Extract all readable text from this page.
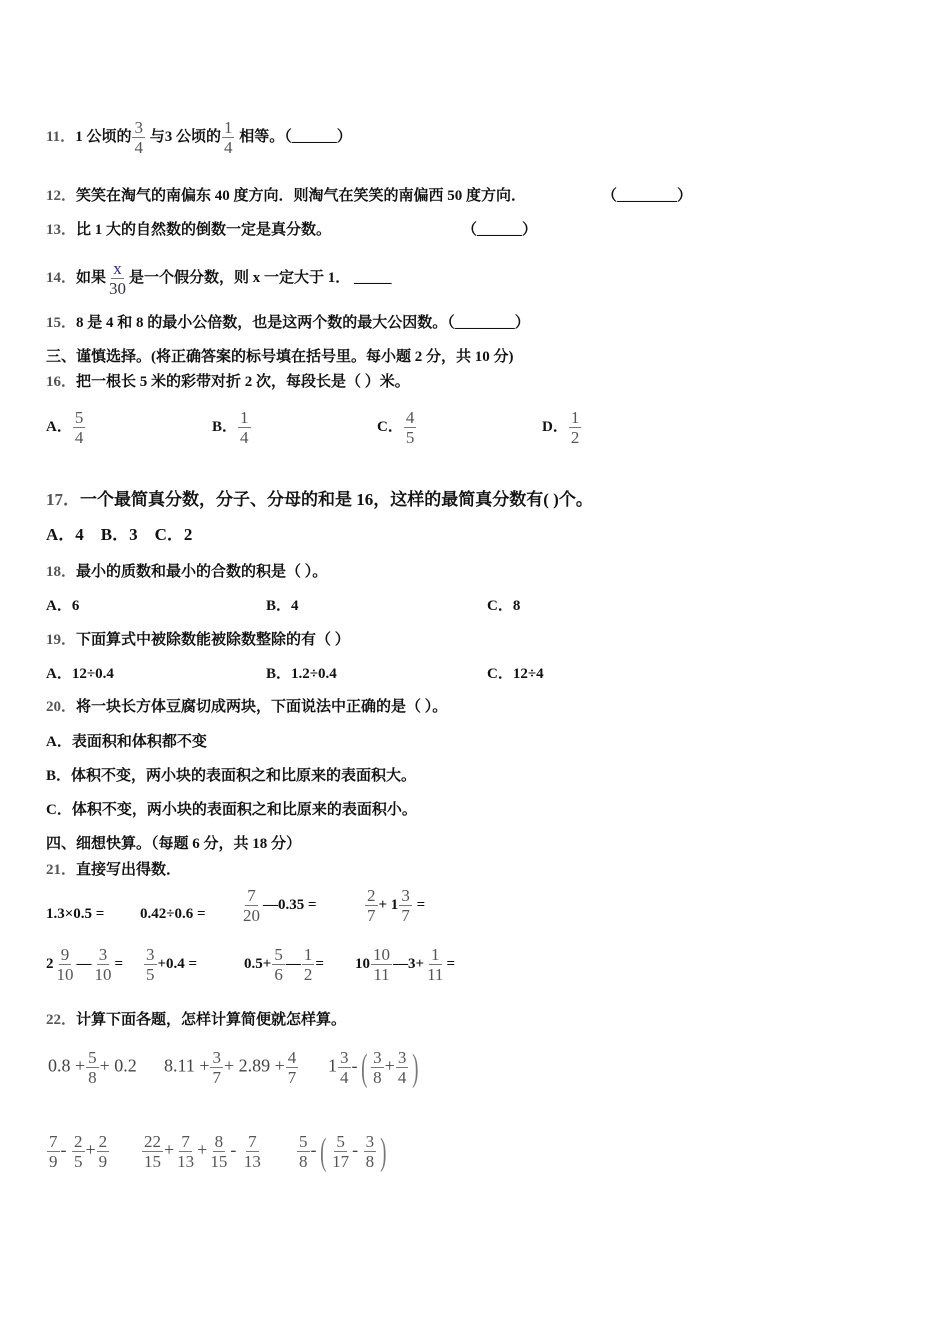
11．1 公顷的 $\frac{3}{4}$ 与3 公顷的 $\frac{1}{4}$ 相等。（______）
12．笑笑在淘气的南偏东 40 度方向．则淘气在笑笑的南偏西 50 度方向．	（________）
13．比 1 大的自然数的倒数一定是真分数。	（______）
14．如果 $\frac{x}{30}$ 是一个假分数，则 x 一定大于 1． _____
15．8 是 4 和 8 的最小公倍数，也是这两个数的最大公因数。（________）
三、谨慎选择。(将正确答案的标号填在括号里。每小题 2 分，共 10 分)
16．把一根长 5 米的彩带对折 2 次，每段长是（ ）米。
A． $\frac{5}{4}$	B． $\frac{1}{4}$	C． $\frac{4}{5}$	D． $\frac{1}{2}$
17．一个最简真分数，分子、分母的和是 16，这样的最简真分数有( )个。
A．4    B．3    C．2
18．最小的质数和最小的合数的积是（ ）。
A．6	B．4	C．8
19．下面算式中被除数能被除数整除的有（ ）
A．12÷0.4	B．1.2÷0.4	C．12÷4
20．将一块长方体豆腐切成两块，下面说法中正确的是（ ）。
A．表面积和体积都不变
B．体积不变，两小块的表面积之和比原来的表面积大。
C．体积不变，两小块的表面积之和比原来的表面积小。
四、细想快算。（每题 6 分，共 18 分）
21．直接写出得数．
$1.3\times 0.5 = 0.42\div 0.6 = \frac{7}{20}$ —0.35 =	$\frac{2}{7} + 1 \frac{3}{7}$ =
$2 \frac{9}{10}$ — $\frac{3}{10} = \frac{3}{5} +0.4$ =	$0.5+ \frac{5}{6}$ — $\frac{1}{2} = 10 \frac{10}{11}$ —3+ $\frac{1}{11}$ =
22．计算下面各题，怎样计算简便就怎样算。
$0.8 + \frac{5}{8} + 0.2$ $8.11 + \frac{3}{7} + 2.89 + \frac{4}{7} 1 \frac{3}{4}$ -( $\frac{3}{8} + \frac{3}{4}$ )
$\frac{7}{9} - \frac{2}{5} + \frac{2}{9} \frac{22}{15} + \frac{7}{13} + \frac{8}{15} - \frac{7}{13} \frac{5}{8}$ -( $\frac{5}{17} - \frac{3}{8}$ )
